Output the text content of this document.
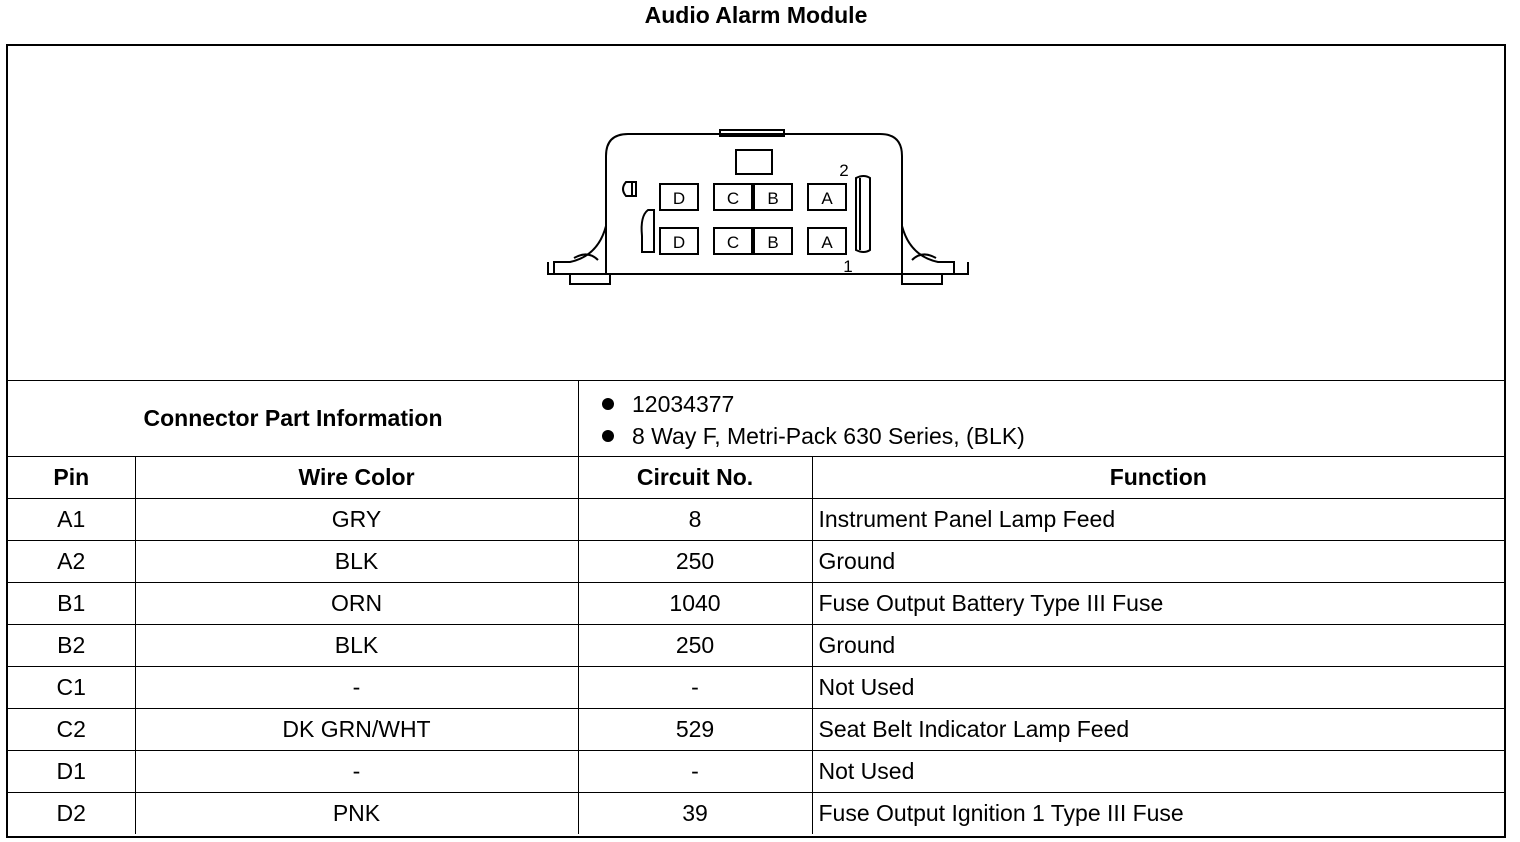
Audio Alarm Module
D C B	A
D C B	A
2
1
Connector Part Information
12034377
8 Way F, Metri-Pack 630 Series, (BLK)
Pin	Wire Color	Circuit No.	Function
A1	GRY	8	Instrument Panel Lamp Feed
A2	BLK	250	Ground
B1	ORN	1040	Fuse Output Battery Type III Fuse
B2	BLK	250	Ground
C1	-	-	Not Used
C2	DK GRN/WHT	529	Seat Belt Indicator Lamp Feed
D1	-	-	Not Used
D2	PNK	39	Fuse Output Ignition 1 Type III Fuse
